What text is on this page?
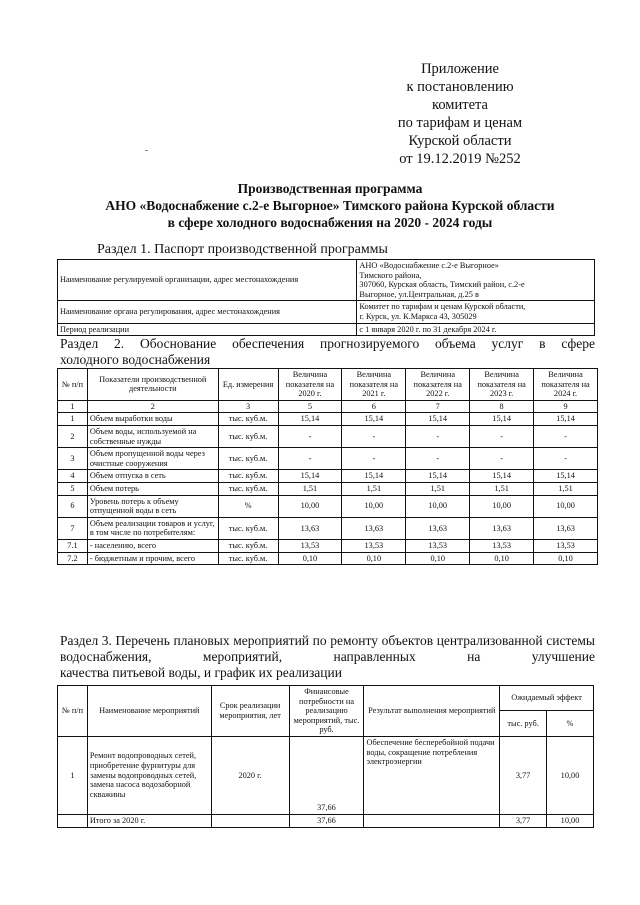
Приложение
к постановлению комитета
по тарифам и ценам
Курской области
от 19.12.2019 №252
Производственная программа
АНО «Водоснабжение с.2-е Выгорное» Тимского района Курской области
в сфере холодного водоснабжения на 2020 - 2024 годы
Раздел 1. Паспорт производственной программы
Наименование регулируемой организации, адрес местонахождения	АНО «Водоснабжение с.2-е Выгорное»
Тимского района,
307060, Курская область, Тимский район, с.2-е
Выгорное, ул.Центральная, д.25 в

Наименование органа регулирования, адрес местонахождения	Комитет по тарифам и ценам Курской области,
г. Курск, ул. К.Маркса 43, 305029

Период реализации	с 1 января 2020 г. по 31 декабря 2024 г.
Раздел 2. Обоснование обеспечения прогнозируемого объема услуг в сфере
холодного водоснабжения
№ п/п	Показатели производственной деятельности	Ед. измерения	Величина показателя на 2020 г.	Величина показателя на 2021 г.	Величина показателя на 2022 г.	Величина показателя на 2023 г.	Величина показателя на 2024 г.
1	2	3	5	6	7	8	9
1	Объем выработки воды	тыс. куб.м.	15,14	15,14	15,14	15,14	15,14
2	Объем воды, используемой на собственные нужды	тыс. куб.м.	-	-	-	-	-
3	Объем пропущенной воды через очистные сооружения	тыс. куб.м.	-	-	-	-	-
4	Объем отпуска в сеть	тыс. куб.м.	15,14	15,14	15,14	15,14	15,14
5	Объем потерь	тыс. куб.м.	1,51	1,51	1,51	1,51	1,51
6	Уровень потерь к объему отпущенной воды в сеть	%	10,00	10,00	10,00	10,00	10,00
7	Объем реализации товаров и услуг, в том числе по потребителям:	тыс. куб.м.	13,63	13,63	13,63	13,63	13,63
7.1	- населению, всего	тыс. куб.м.	13,53	13,53	13,53	13,53	13,53
7.2	- бюджетным и прочим, всего	тыс. куб.м.	0,10	0,10	0,10	0,10	0,10
Раздел 3. Перечень плановых мероприятий по ремонту объектов централизованной системы водоснабжения, мероприятий, направленных на улучшение
качества питьевой воды, и график их реализации
№ п/п	Наименование мероприятий	Срок реализации мероприятия, лет	Финансовые потребности на реализацию мероприятий, тыс. руб.	Результат выполнения мероприятий	Ожидаемый эффект	
					тыс. руб.	%
1	Ремонт водопроводных сетей, приобретение фурнитуры для замены водопроводных сетей, замена насоса водозаборной скважины	2020 г.	37,66	Обеспечение бесперебойной подачи воды, сокращение потребления электроэнергии	3,77	10,00
	Итого за 2020 г.		37,66		3,77	10,00
